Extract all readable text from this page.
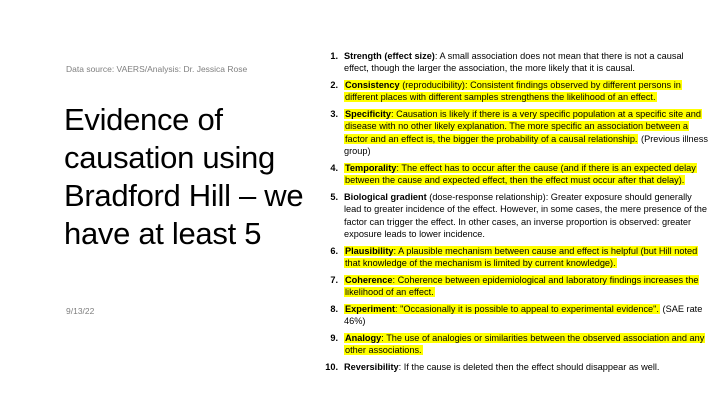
Data source: VAERS/Analysis: Dr. Jessica Rose
Evidence of causation using Bradford Hill – we have at least 5
9/13/22
1. Strength (effect size): A small association does not mean that there is not a causal effect, though the larger the association, the more likely that it is causal.
2. Consistency (reproducibility): Consistent findings observed by different persons in different places with different samples strengthens the likelihood of an effect.
3. Specificity: Causation is likely if there is a very specific population at a specific site and disease with no other likely explanation. The more specific an association between a factor and an effect is, the bigger the probability of a causal relationship. (Previous illness group)
4. Temporality: The effect has to occur after the cause (and if there is an expected delay between the cause and expected effect, then the effect must occur after that delay).
5. Biological gradient (dose-response relationship): Greater exposure should generally lead to greater incidence of the effect. However, in some cases, the mere presence of the factor can trigger the effect. In other cases, an inverse proportion is observed: greater exposure leads to lower incidence.
6. Plausibility: A plausible mechanism between cause and effect is helpful (but Hill noted that knowledge of the mechanism is limited by current knowledge).
7. Coherence: Coherence between epidemiological and laboratory findings increases the likelihood of an effect.
8. Experiment: "Occasionally it is possible to appeal to experimental evidence". (SAE rate 46%)
9. Analogy: The use of analogies or similarities between the observed association and any other associations.
10. Reversibility: If the cause is deleted then the effect should disappear as well.
